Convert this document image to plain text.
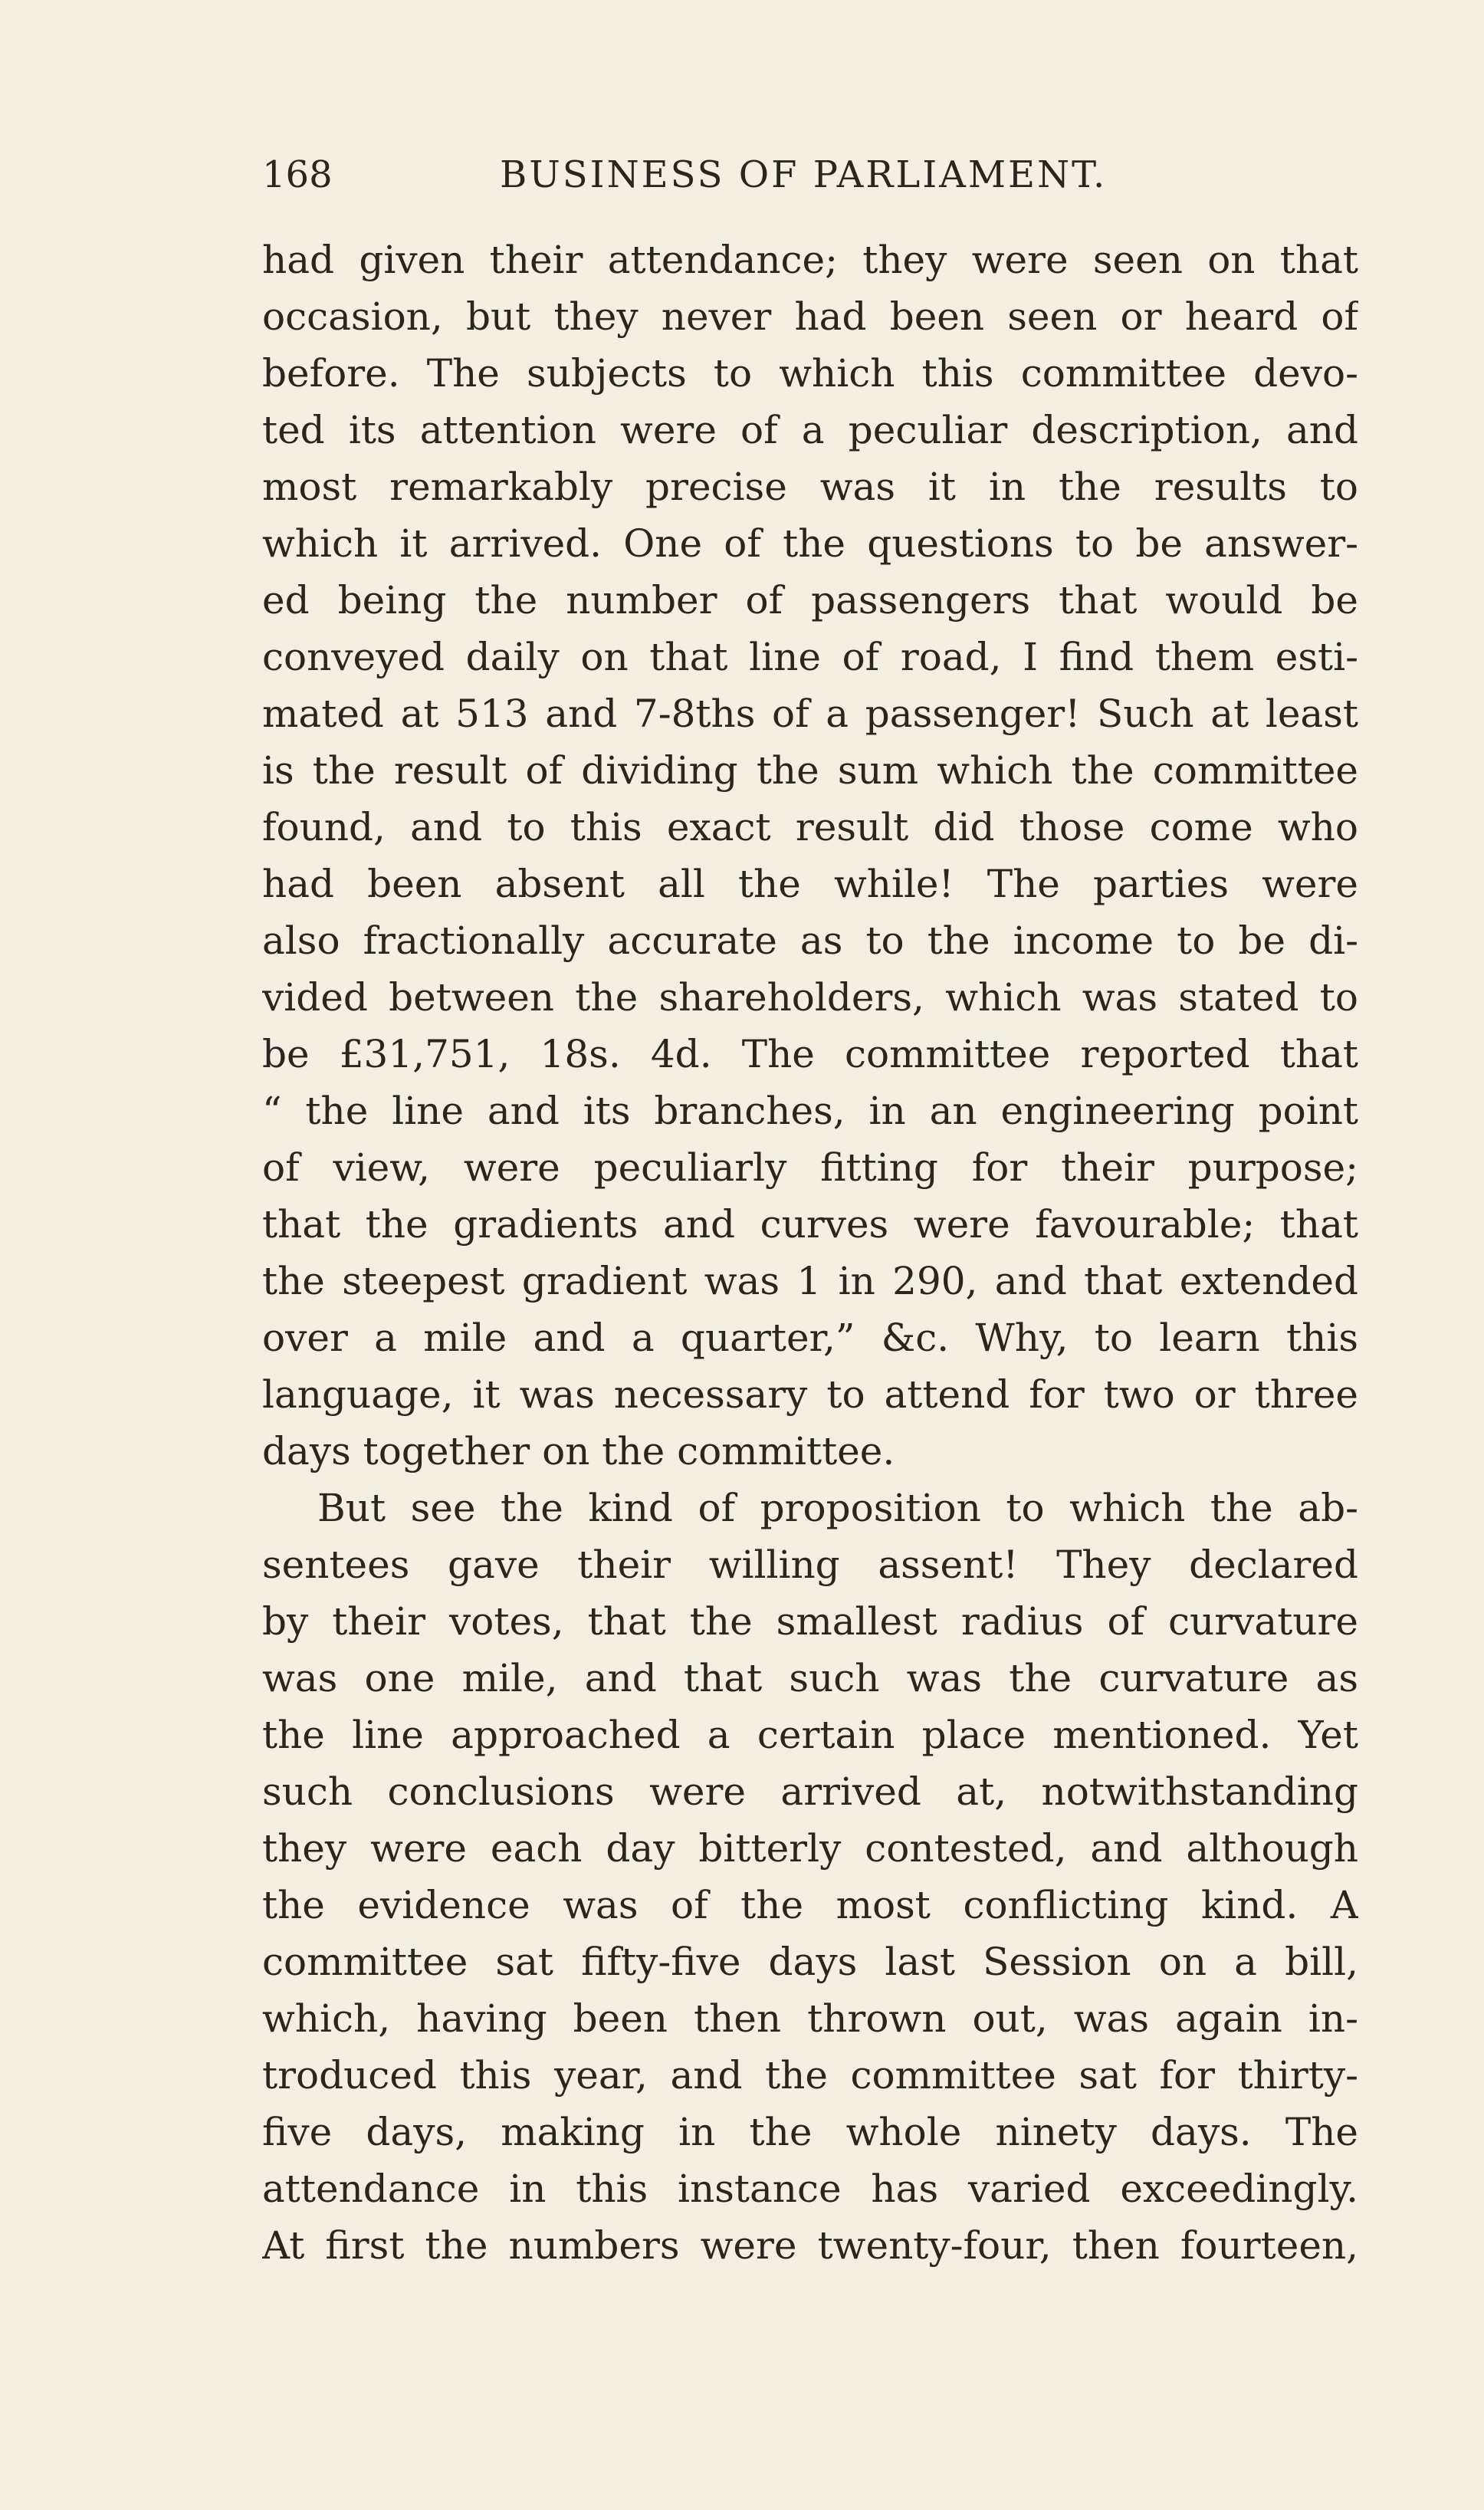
168	BUSINESS OF PARLIAMENT.
had given their attendance; they were seen on that
occasion, but they never had been seen or heard of
before. The subjects to which this committee devo-
ted its attention were of a peculiar description, and
most remarkably precise was it in the results to
which it arrived. One of the questions to be answer-
ed being the number of passengers that would be
conveyed daily on that line of road, I find them esti-
mated at 513 and 7-8ths of a passenger! Such at least
is the result of dividing the sum which the committee
found, and to this exact result did those come who
had been absent all the while! The parties were
also fractionally accurate as to the income to be di-
vided between the shareholders, which was stated to
be £31,751, 18s. 4d. The committee reported that
“ the line and its branches, in an engineering point
of view, were peculiarly fitting for their purpose;
that the gradients and curves were favourable; that
the steepest gradient was 1 in 290, and that extended
over a mile and a quarter,” &c. Why, to learn this
language, it was necessary to attend for two or three
days together on the committee.
But see the kind of proposition to which the ab-
sentees gave their willing assent! They declared
by their votes, that the smallest radius of curvature
was one mile, and that such was the curvature as
the line approached a certain place mentioned. Yet
such conclusions were arrived at, notwithstanding
they were each day bitterly contested, and although
the evidence was of the most conflicting kind. A
committee sat fifty-five days last Session on a bill,
which, having been then thrown out, was again in-
troduced this year, and the committee sat for thirty-
five days, making in the whole ninety days. The
attendance in this instance has varied exceedingly.
At first the numbers were twenty-four, then fourteen,
